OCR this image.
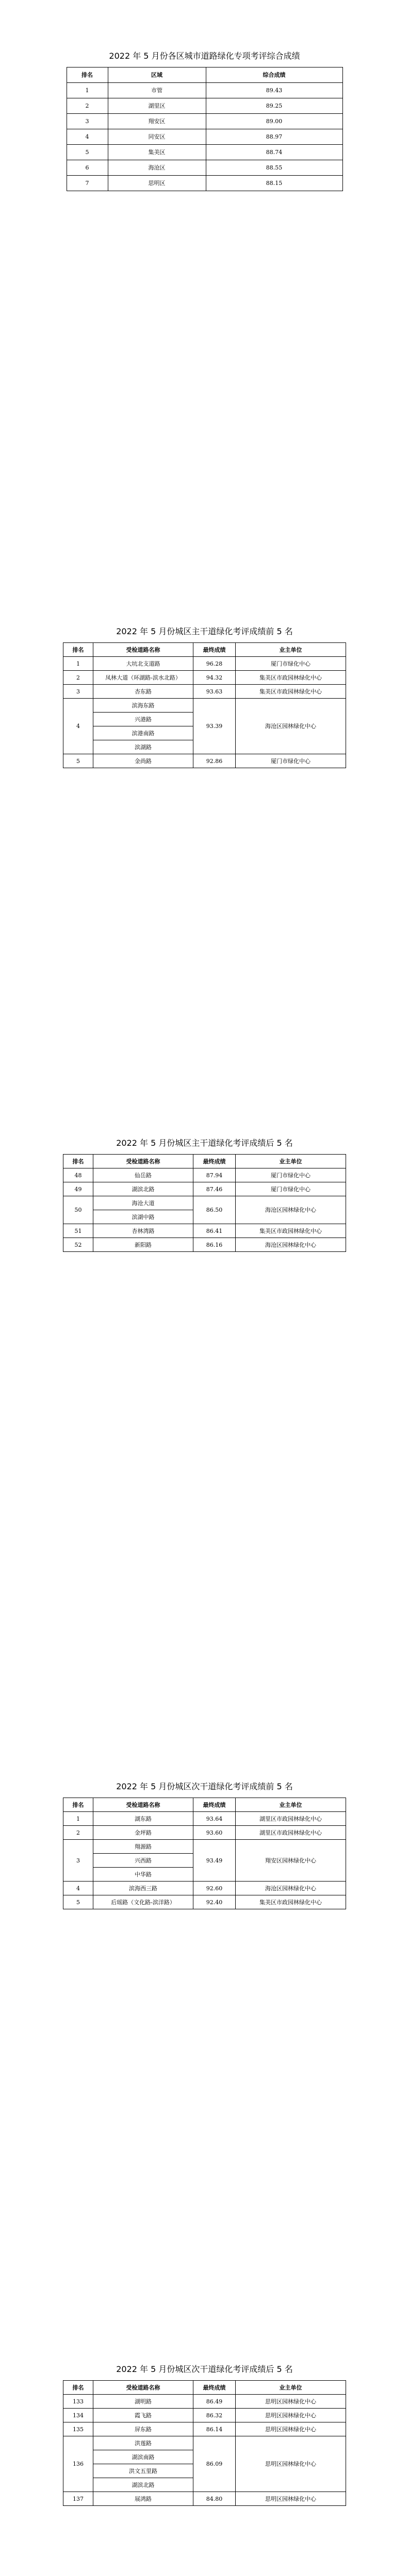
2022 年 5 月份各区城市道路绿化专项考评综合成绩
排名	区域	综合成绩
1	市管	89.43
2	湖里区	89.25
3	翔安区	89.00
4	同安区	88.97
5	集美区	88.74
6	海沧区	88.55
7	思明区	88.15
2022 年 5 月份城区主干道绿化考评成绩前 5 名
排名	受检道路名称	最终成绩	业主单位
1	大坑北支道路	96.28	厦门市绿化中心
2	凤林大道（环湖路-滨水北路）	94.32	集美区市政园林绿化中心
3	杏东路	93.63	集美区市政园林绿化中心
4	滨海东路	93.39	海沧区园林绿化中心
	兴港路		
	滨港南路		
	滨湖路		
5	金尚路	92.86	厦门市绿化中心
2022 年 5 月份城区主干道绿化考评成绩后 5 名
排名	受检道路名称	最终成绩	业主单位
48	仙岳路	87.94	厦门市绿化中心
49	湖滨北路	87.46	厦门市绿化中心
50	海沧大道	86.50	海沧区园林绿化中心
	滨湖中路		
51	杏林湾路	86.41	集美区市政园林绿化中心
52	新阳路	86.16	海沧区园林绿化中心
2022 年 5 月份城区次干道绿化考评成绩前 5 名
排名	受检道路名称	最终成绩	业主单位
1	湖东路	93.64	湖里区市政园林绿化中心
2	金坪路	93.60	湖里区市政园林绿化中心
3	翔源路	93.49	翔安区园林绿化中心
	兴西路		
	中华路		
4	滨海西三路	92.60	海沧区园林绿化中心
5	后瑶路（文化路-滨洋路）	92.40	集美区市政园林绿化中心
2022 年 5 月份城区次干道绿化考评成绩后 5 名
排名	受检道路名称	最终成绩	业主单位
133	湖明路	86.49	思明区园林绿化中心
134	霞飞路	86.32	思明区园林绿化中心
135	屏东路	86.14	思明区园林绿化中心
136	洪莲路	86.09	思明区园林绿化中心
	湖滨南路		
	洪文五里路		
	湖滨北路		
137	展鸿路	84.80	思明区园林绿化中心
